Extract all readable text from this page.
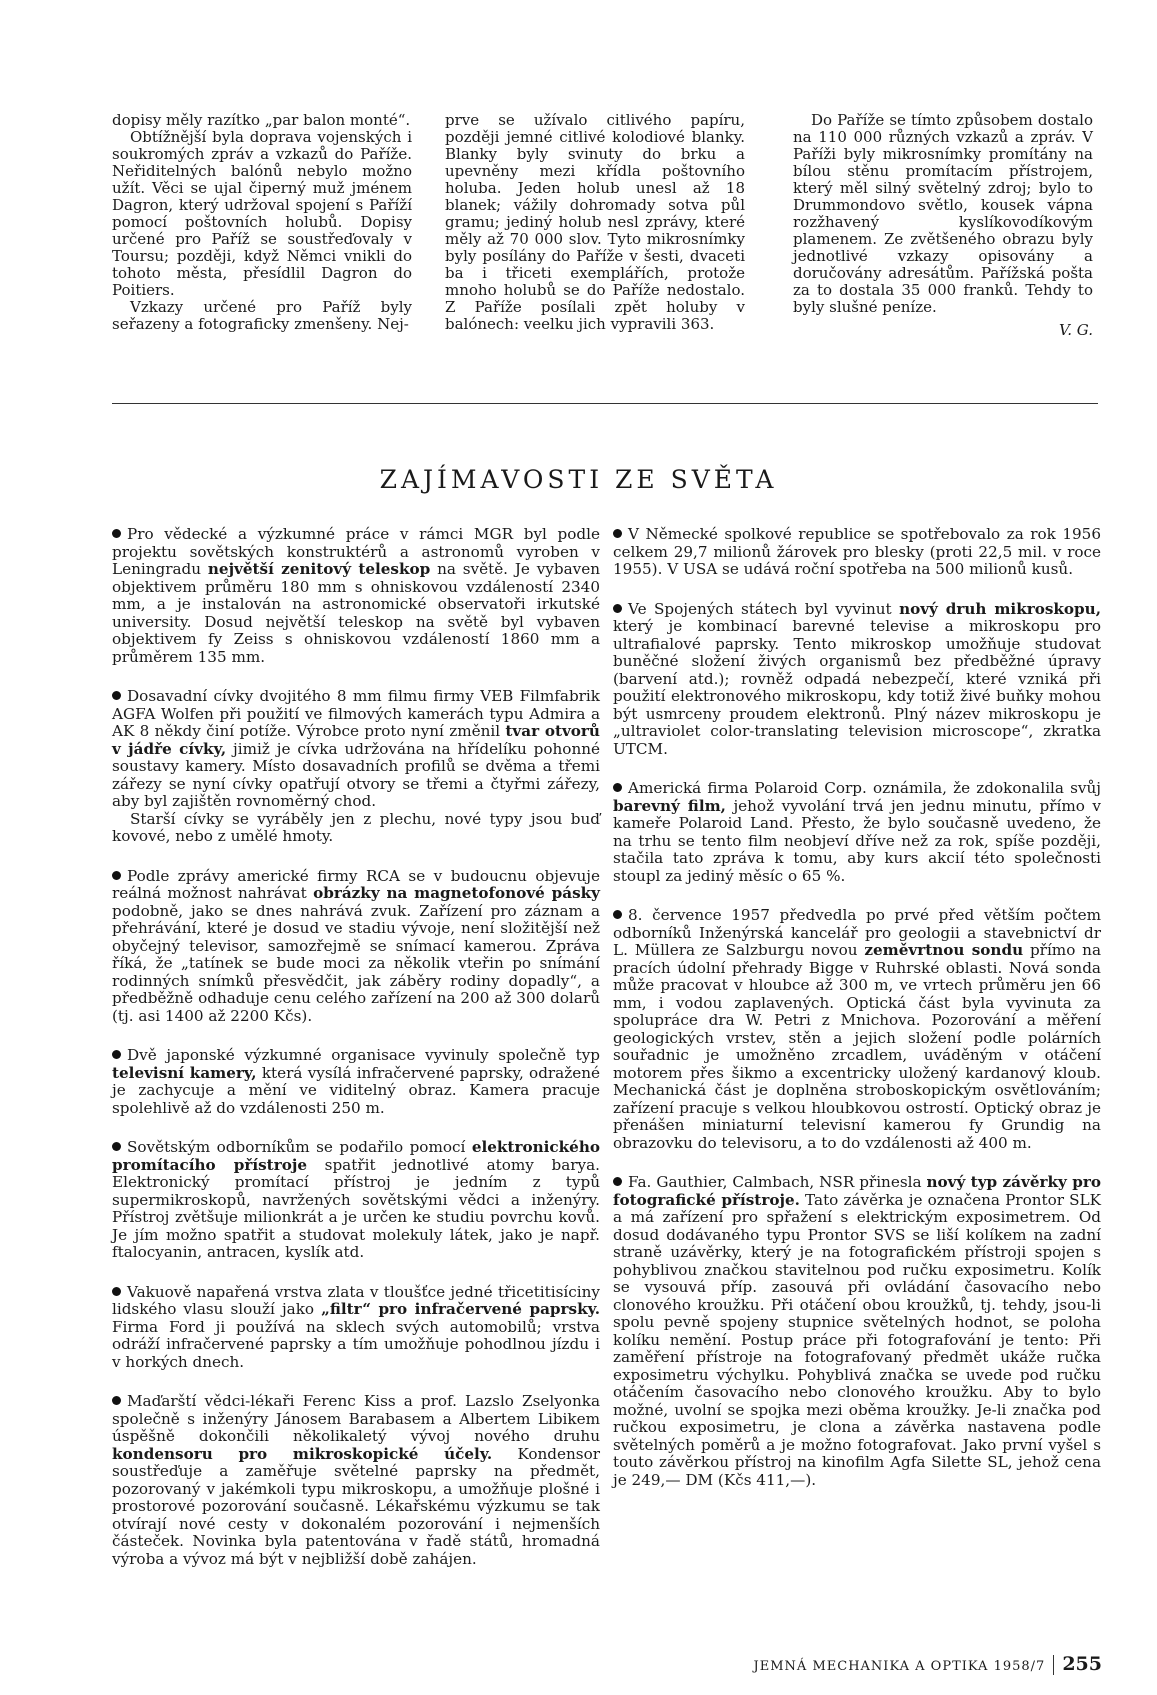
dopisy měly razítko „par balon monté“.

Obtížnější byla doprava vojenských i soukromých zpráv a vzkazů do Paříže. Neřiditelných balónů nebylo možno užít. Věci se ujal čiperný muž jménem Dagron, který udržoval spojení s Paříží pomocí poštovních holubů. Dopisy určené pro Paříž se soustřeďovaly v Toursu; později, když Němci vnikli do tohoto města, přesídlil Dagron do Poitiers.

Vzkazy určené pro Paříž byly seřazeny a fotograficky zmenšeny. Nej-

prve se užívalo citlivého papíru, později jemné citlivé kolodiové blanky. Blanky byly svinuty do brku a upevněny mezi křídla poštovního holuba. Jeden holub unesl až 18 blanek; vážily dohromady sotva půl gramu; jediný holub nesl zprávy, které měly až 70 000 slov. Tyto mikrosnímky byly posílány do Paříže v šesti, dvaceti ba i třiceti exemplářích, protože mnoho holubů se do Paříže nedostalo. Z Paříže posílali zpět holuby v balónech: veelku jich vypravili 363.

Do Paříže se tímto způsobem dostalo na 110 000 různých vzkazů a zpráv. V Paříži byly mikrosnímky promítány na bílou stěnu promítacím přístrojem, který měl silný světelný zdroj; bylo to Drummondovo světlo, kousek vápna rozžhavený kyslíkovodíkovým plamenem. Ze zvětšeného obrazu byly jednotlivé vzkazy opisovány a doručovány adresátům. Pařížská pošta za to dostala 35 000 franků. Tehdy to byly slušné peníze.

V. G.
ZAJÍMAVOSTI ZE SVĚTA
Pro vědecké a výzkumné práce v rámci MGR byl podle projektu sovětských konstruktérů a astronomů vyroben v Leningradu největší zenitový teleskop na světě. Je vybaven objektivem průměru 180 mm s ohniskovou vzdáleností 2340 mm, a je instalován na astronomické observatoři irkutské university. Dosud největší teleskop na světě byl vybaven objektivem fy Zeiss s ohniskovou vzdáleností 1860 mm a průměrem 135 mm.
Dosavadní cívky dvojitého 8 mm filmu firmy VEB Filmfabrik AGFA Wolfen při použití ve filmových kamerách typu Admira a AK 8 někdy činí potíže. Výrobce proto nyní změnil tvar otvorů v jádře cívky, jimiž je cívka udržována na hřídelíku pohonné soustavy kamery. Místo dosavadních profilů se dvěma a třemi zářezy se nyní cívky opatřují otvory se třemi a čtyřmi zářezy, aby byl zajištěn rovnoměrný chod.
Starší cívky se vyráběly jen z plechu, nové typy jsou buď kovové, nebo z umělé hmoty.
Podle zprávy americké firmy RCA se v budoucnu objevuje reálná možnost nahrávat obrázky na magnetofonové pásky podobně, jako se dnes nahrává zvuk. Zařízení pro záznam a přehrávání, které je dosud ve stadiu vývoje, není složitější než obyčejný televisor, samozřejmě se snímací kamerou. Zpráva říká, že „tatínek se bude moci za několik vteřin po snímání rodinných snímků přesvědčit, jak záběry rodiny dopadly“, a předběžně odhaduje cenu celého zařízení na 200 až 300 dolarů (tj. asi 1400 až 2200 Kčs).
Dvě japonské výzkumné organisace vyvinuly společně typ televisní kamery, která vysílá infračervené paprsky, odražené je zachycuje a mění ve viditelný obraz. Kamera pracuje spolehlivě až do vzdálenosti 250 m.
Sovětským odborníkům se podařilo pomocí elektronického promítacího přístroje spatřit jednotlivé atomy barya. Elektronický promítací přístroj je jedním z typů supermikroskopů, navržených sovětskými vědci a inženýry. Přístroj zvětšuje milionkrát a je určen ke studiu povrchu kovů. Je jím možno spatřit a studovat molekuly látek, jako je např. ftalocyanin, antracen, kyslík atd.
Vakuově napařená vrstva zlata v tloušťce jedné třicetitisíciny lidského vlasu slouží jako „filtr“ pro infračervené paprsky. Firma Ford ji používá na sklech svých automobilů; vrstva odráží infračervené paprsky a tím umožňuje pohodlnou jízdu i v horkých dnech.
Maďarští vědci-lékaři Ferenc Kiss a prof. Lazslo Zselyonka společně s inženýry Jánosem Barabasem a Albertem Libikem úspěšně dokončili několikaletý vývoj nového druhu kondensoru pro mikroskopické účely. Kondensor soustřeďuje a zaměřuje světelné paprsky na předmět, pozorovaný v jakémkoli typu mikroskopu, a umožňuje plošné i prostorové pozorování současně. Lékařskému výzkumu se tak otvírají nové cesty v dokonalém pozorování i nejmenších částeček. Novinka byla patentována v řadě států, hromadná výroba a vývoz má být v nejbližší době zahájen.
V Německé spolkové republice se spotřebovalo za rok 1956 celkem 29,7 milionů žárovek pro blesky (proti 22,5 mil. v roce 1955). V USA se udává roční spotřeba na 500 milionů kusů.
Ve Spojených státech byl vyvinut nový druh mikroskopu, který je kombinací barevné televise a mikroskopu pro ultrafialové paprsky. Tento mikroskop umožňuje studovat buněčné složení živých organismů bez předběžné úpravy (barvení atd.); rovněž odpadá nebezpečí, které vzniká při použití elektronového mikroskopu, kdy totiž živé buňky mohou být usmrceny proudem elektronů. Plný název mikroskopu je „ultraviolet color-translating television microscope“, zkratka UTCM.
Americká firma Polaroid Corp. oznámila, že zdokonalila svůj barevný film, jehož vyvolání trvá jen jednu minutu, přímo v kameře Polaroid Land. Přesto, že bylo současně uvedeno, že na trhu se tento film neobjeví dříve než za rok, spíše později, stačila tato zpráva k tomu, aby kurs akcií této společnosti stoupl za jediný měsíc o 65 %.
8. července 1957 předvedla po prvé před větším počtem odborníků Inženýrská kancelář pro geologii a stavebnictví dr L. Müllera ze Salzburgu novou zeměvrtnou sondu přímo na pracích údolní přehrady Bigge v Ruhrské oblasti. Nová sonda může pracovat v hloubce až 300 m, ve vrtech průměru jen 66 mm, i vodou zaplavených. Optická část byla vyvinuta za spolupráce dra W. Petri z Mnichova. Pozorování a měření geologických vrstev, stěn a jejich složení podle polárních souřadnic je umožněno zrcadlem, uváděným v otáčení motorem přes šikmo a excentricky uložený kardanový kloub. Mechanická část je doplněna stroboskopickým osvětlováním; zařízení pracuje s velkou hloubkovou ostrostí. Optický obraz je přenášen miniaturní televisní kamerou fy Grundig na obrazovku do televisoru, a to do vzdálenosti až 400 m.
Fa. Gauthier, Calmbach, NSR přinesla nový typ závěrky pro fotografické přístroje. Tato závěrka je označena Prontor SLK a má zařízení pro spřažení s elektrickým exposimetrem. Od dosud dodávaného typu Prontor SVS se liší kolíkem na zadní straně uzávěrky, který je na fotografickém přístroji spojen s pohyblivou značkou stavitelnou pod ručku exposimetru. Kolík se vysouvá příp. zasouvá při ovládání časovacího nebo clonového kroužku. Při otáčení obou kroužků, tj. tehdy, jsou-li spolu pevně spojeny stupnice světelných hodnot, se poloha kolíku nemění. Postup práce při fotografování je tento: Při zaměření přístroje na fotografovaný předmět ukáže ručka exposimetru výchylku. Pohyblivá značka se uvede pod ručku otáčením časovacího nebo clonového kroužku. Aby to bylo možné, uvolní se spojka mezi oběma kroužky. Je-li značka pod ručkou exposimetru, je clona a závěrka nastavena podle světelných poměrů a je možno fotografovat. Jako první vyšel s touto závěrkou přístroj na kinofilm Agfa Silette SL, jehož cena je 249,— DM (Kčs 411,—).
JEMNÁ MECHANIKA A OPTIKA 1958/7 255
